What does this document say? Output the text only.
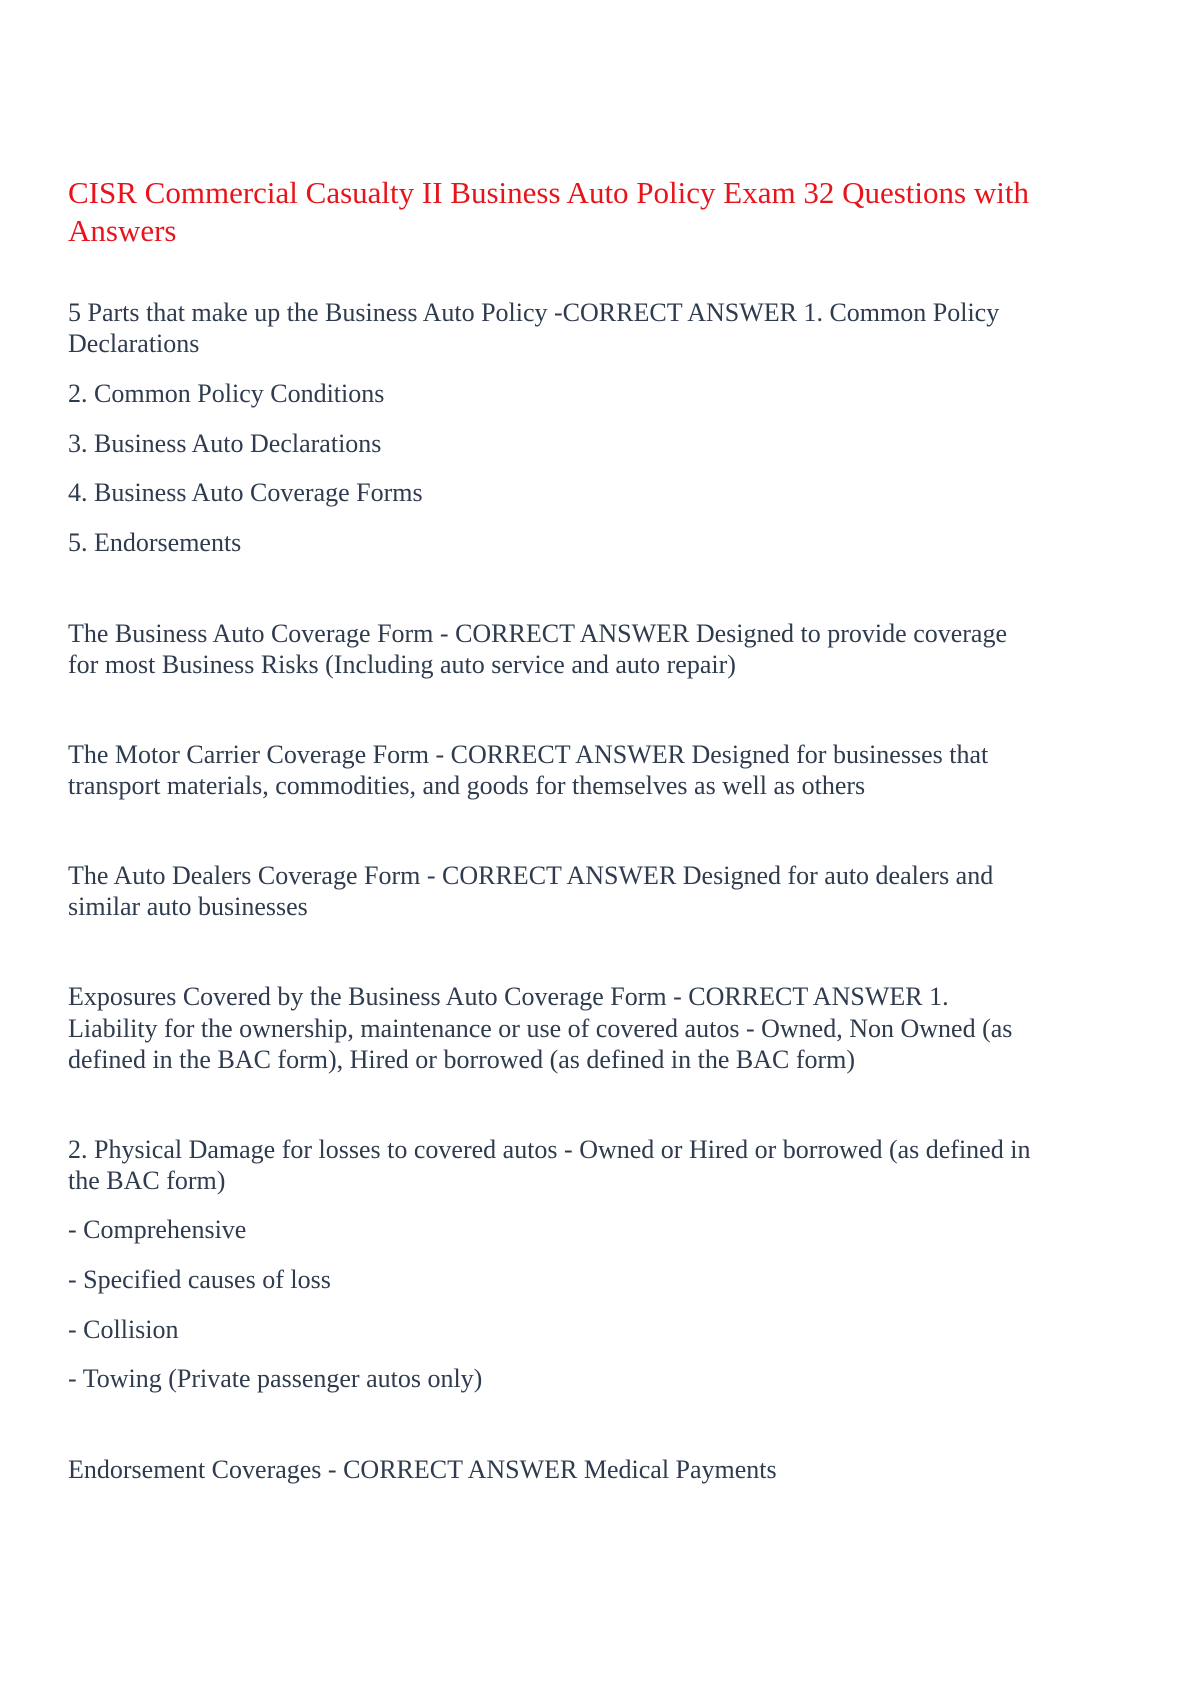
CISR Commercial Casualty II Business Auto Policy Exam 32 Questions with
Answers
5 Parts that make up the Business Auto Policy -CORRECT ANSWER 1. Common Policy
Declarations
2. Common Policy Conditions
3. Business Auto Declarations
4. Business Auto Coverage Forms
5. Endorsements
The Business Auto Coverage Form - CORRECT ANSWER Designed to provide coverage
for most Business Risks (Including auto service and auto repair)
The Motor Carrier Coverage Form - CORRECT ANSWER Designed for businesses that
transport materials, commodities, and goods for themselves as well as others
The Auto Dealers Coverage Form - CORRECT ANSWER Designed for auto dealers and
similar auto businesses
Exposures Covered by the Business Auto Coverage Form - CORRECT ANSWER 1.
Liability for the ownership, maintenance or use of covered autos - Owned, Non Owned (as
defined in the BAC form), Hired or borrowed (as defined in the BAC form)
2. Physical Damage for losses to covered autos - Owned or Hired or borrowed (as defined in
the BAC form)
- Comprehensive
- Specified causes of loss
- Collision
- Towing (Private passenger autos only)
Endorsement Coverages - CORRECT ANSWER Medical Payments
